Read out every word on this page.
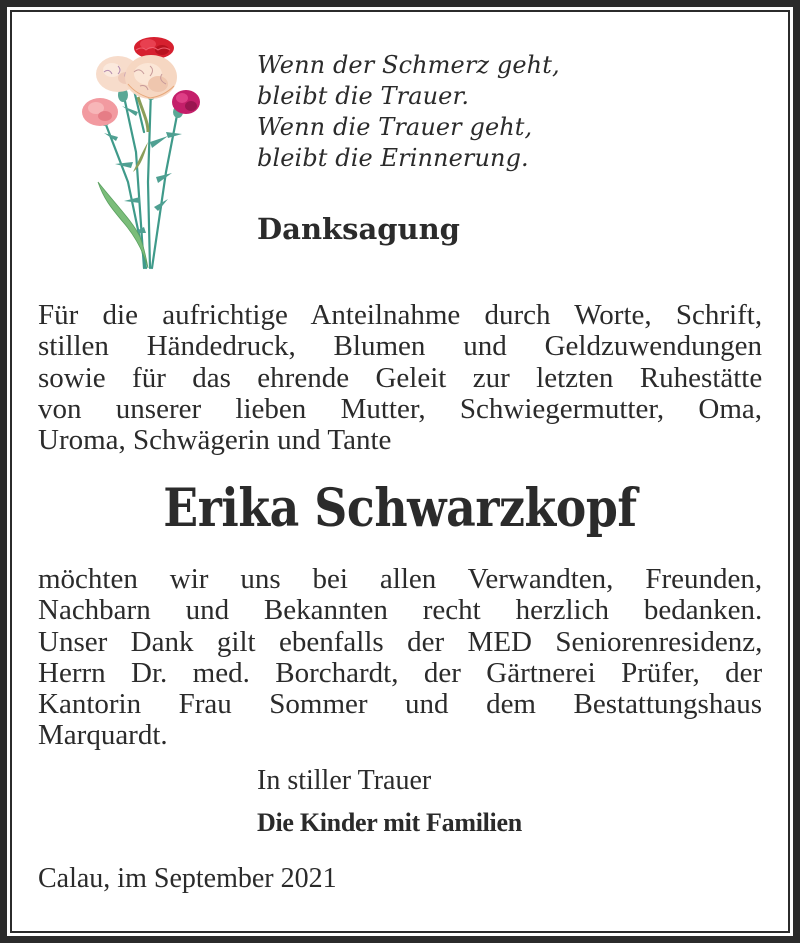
Wenn der Schmerz geht,
bleibt die Trauer.
Wenn die Trauer geht,
bleibt die Erinnerung.
Danksagung
Für die aufrichtige Anteilnahme durch Worte, Schrift,
stillen Händedruck, Blumen und Geldzuwendungen
sowie für das ehrende Geleit zur letzten Ruhestätte
von unserer lieben Mutter, Schwiegermutter, Oma,
Uroma, Schwägerin und Tante
Erika Schwarzkopf
möchten wir uns bei allen Verwandten, Freunden,
Nachbarn und Bekannten recht herzlich bedanken.
Unser Dank gilt ebenfalls der MED Seniorenresidenz,
Herrn Dr. med. Borchardt, der Gärtnerei Prüfer, der
Kantorin Frau Sommer und dem Bestattungshaus
Marquardt.
In stiller Trauer
Die Kinder mit Familien
Calau, im September 2021
